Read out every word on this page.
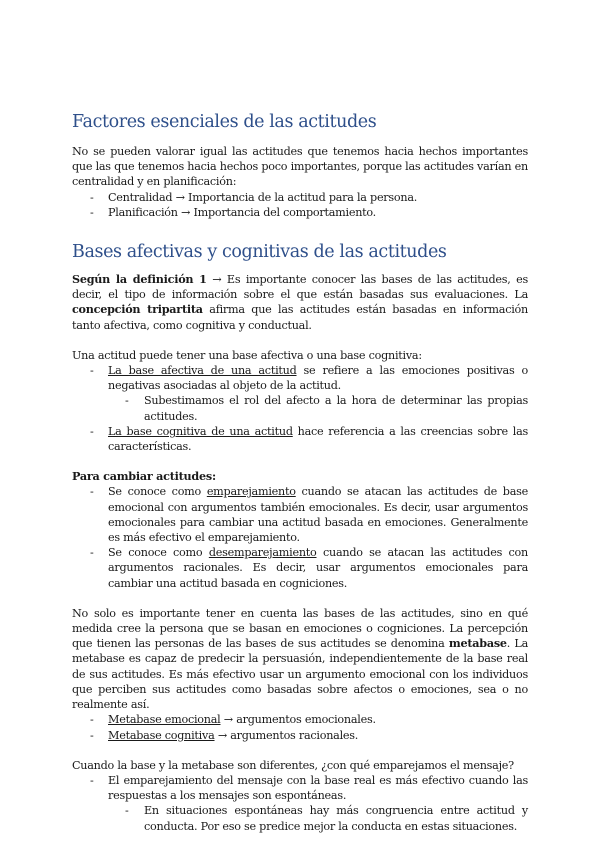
Factores esenciales de las actitudes

No se pueden valorar igual las actitudes que tenemos hacia hechos importantes que las que tenemos hacia hechos poco importantes, porque las actitudes varían en centralidad y en planificación:

- Centralidad → Importancia de la actitud para la persona.
- Planificación → Importancia del comportamiento.
Bases afectivas y cognitivas de las actitudes

Según la definición 1 → Es importante conocer las bases de las actitudes, es decir, el tipo de información sobre el que están basadas sus evaluaciones. La concepción tripartita afirma que las actitudes están basadas en información tanto afectiva, como cognitiva y conductual.

Una actitud puede tener una base afectiva o una base cognitiva:

- La base afectiva de una actitud se refiere a las emociones positivas o negativas asociadas al objeto de la actitud.
- Subestimamos el rol del afecto a la hora de determinar las propias actitudes.
- La base cognitiva de una actitud hace referencia a las creencias sobre las características.

Para cambiar actitudes:

- Se conoce como emparejamiento cuando se atacan las actitudes de base emocional con argumentos también emocionales. Es decir, usar argumentos emocionales para cambiar una actitud basada en emociones. Generalmente es más efectivo el emparejamiento.
- Se conoce como desemparejamiento cuando se atacan las actitudes con argumentos racionales. Es decir, usar argumentos emocionales para cambiar una actitud basada en cogniciones.

No solo es importante tener en cuenta las bases de las actitudes, sino en qué medida cree la persona que se basan en emociones o cogniciones. La percepción que tienen las personas de las bases de sus actitudes se denomina metabase. La metabase es capaz de predecir la persuasión, independientemente de la base real de sus actitudes. Es más efectivo usar un argumento emocional con los individuos que perciben sus actitudes como basadas sobre afectos o emociones, sea o no realmente así.

- Metabase emocional → argumentos emocionales.
- Metabase cognitiva → argumentos racionales.

Cuando la base y la metabase son diferentes, ¿con qué emparejamos el mensaje?

- El emparejamiento del mensaje con la base real es más efectivo cuando las respuestas a los mensajes son espontáneas.
- En situaciones espontáneas hay más congruencia entre actitud y conducta. Por eso se predice mejor la conducta en estas situaciones.
